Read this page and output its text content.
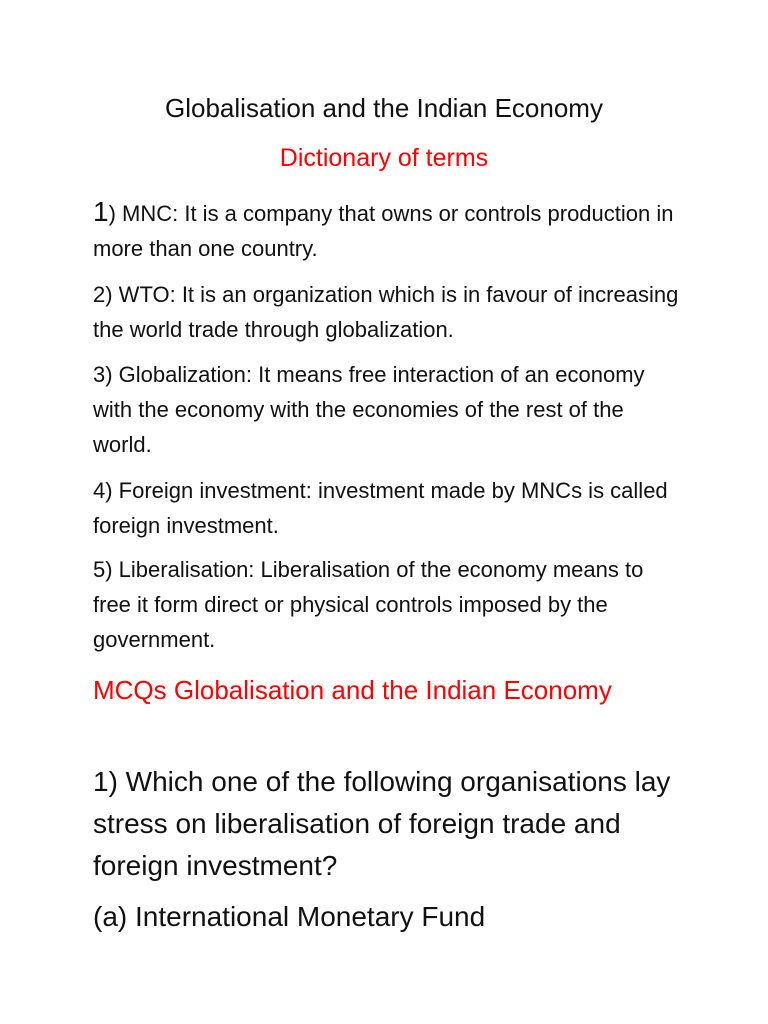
Globalisation and the Indian Economy
Dictionary of terms
1) MNC: It is a company that owns or controls production in more than one country.
2) WTO: It is an organization which is in favour of increasing the world trade through globalization.
3) Globalization: It means free interaction of an economy with the economy with the economies of the rest of the world.
4) Foreign investment: investment made by MNCs is called foreign investment.
5) Liberalisation: Liberalisation of the economy means to free it form direct or physical controls imposed by the government.
MCQs Globalisation and the Indian Economy
1) Which one of the following organisations lay stress on liberalisation of foreign trade and foreign investment?
(a) International Monetary Fund
